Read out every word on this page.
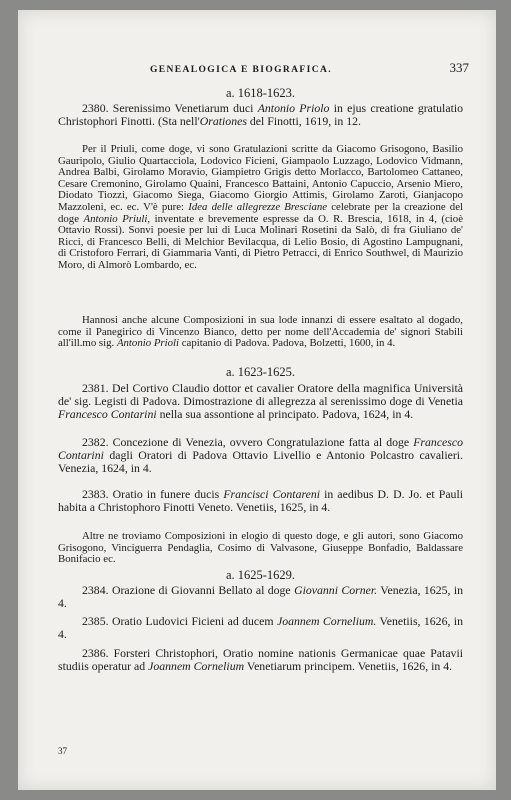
GENEALOGICA E BIOGRAFICA.	337
a. 1618-1623.
2380. Serenissimo Venetiarum duci Antonio Priolo in ejus creatione gratulatio Christophori Finotti. (Sta nell'Orationes del Finotti, 1619, in 12.
Per il Priuli, come doge, vi sono Gratulazioni scritte da Giacomo Grisogono, Basilio Gauripolo, Giulio Quartacciola, Lodovico Ficieni, Giampaolo Luzzago, Lodovico Vidmann, Andrea Balbi, Girolamo Moravio, Giampietro Grigis detto Morlacco, Bartolomeo Cattaneo, Cesare Cremonino, Girolamo Quaini, Francesco Battaini, Antonio Capuccio, Arsenio Miero, Diodato Tiozzi, Giacomo Siega, Giacomo Giorgio Attimis, Girolamo Zaroti, Gianjacopo Mazzoleni, ec. ec. V'è pure: Idea delle allegrezze Bresciane celebrate per la creazione del doge Antonio Priuli, inventate e brevemente espresse da O. R. Brescia, 1618, in 4, (cioè Ottavio Rossi). Sonvi poesie per lui di Luca Molinari Rosetini da Salò, di fra Giuliano de' Ricci, di Francesco Belli, di Melchior Bevilacqua, di Lelio Bosio, di Agostino Lampugnani, di Cristoforo Ferrari, di Giammaria Vanti, di Pietro Petracci, di Enrico Southwel, di Maurizio Moro, di Almorò Lombardo, ec.
Hannosi anche alcune Composizioni in sua lode innanzi di essere esaltato al dogado, come il Panegirico di Vincenzo Bianco, detto per nome dell'Accademia de' signori Stabili all'ill.mo sig. Antonio Prioli capitanio di Padova. Padova, Bolzetti, 1600, in 4.
a. 1623-1625.
2381. Del Cortivo Claudio dottor et cavalier Oratore della magnifica Università de' sig. Legisti di Padova. Dimostrazione di allegrezza al serenissimo doge di Venetia Francesco Contarini nella sua assontione al principato. Padova, 1624, in 4.
2382. Concezione di Venezia, ovvero Congratulazione fatta al doge Francesco Contarini dagli Oratori di Padova Ottavio Livellio e Antonio Polcastro cavalieri. Venezia, 1624, in 4.
2383. Oratio in funere ducis Francisci Contareni in aedibus D. D. Jo. et Pauli habita a Christophoro Finotti Veneto. Venetiis, 1625, in 4.
Altre ne troviamo Composizioni in elogio di questo doge, e gli autori, sono Giacomo Grisogono, Vinciguerra Pendaglia, Cosimo di Valvasone, Giuseppe Bonfadio, Baldassare Bonifacio ec.
a. 1625-1629.
2384. Orazione di Giovanni Bellato al doge Giovanni Corner. Venezia, 1625, in 4.
2385. Oratio Ludovici Ficieni ad ducem Joannem Cornelium. Venetiis, 1626, in 4.
2386. Forsteri Christophori, Oratio nomine nationis Germanicae quae Patavii studiis operatur ad Joannem Cornelium Venetiarum principem. Venetiis, 1626, in 4.
37
